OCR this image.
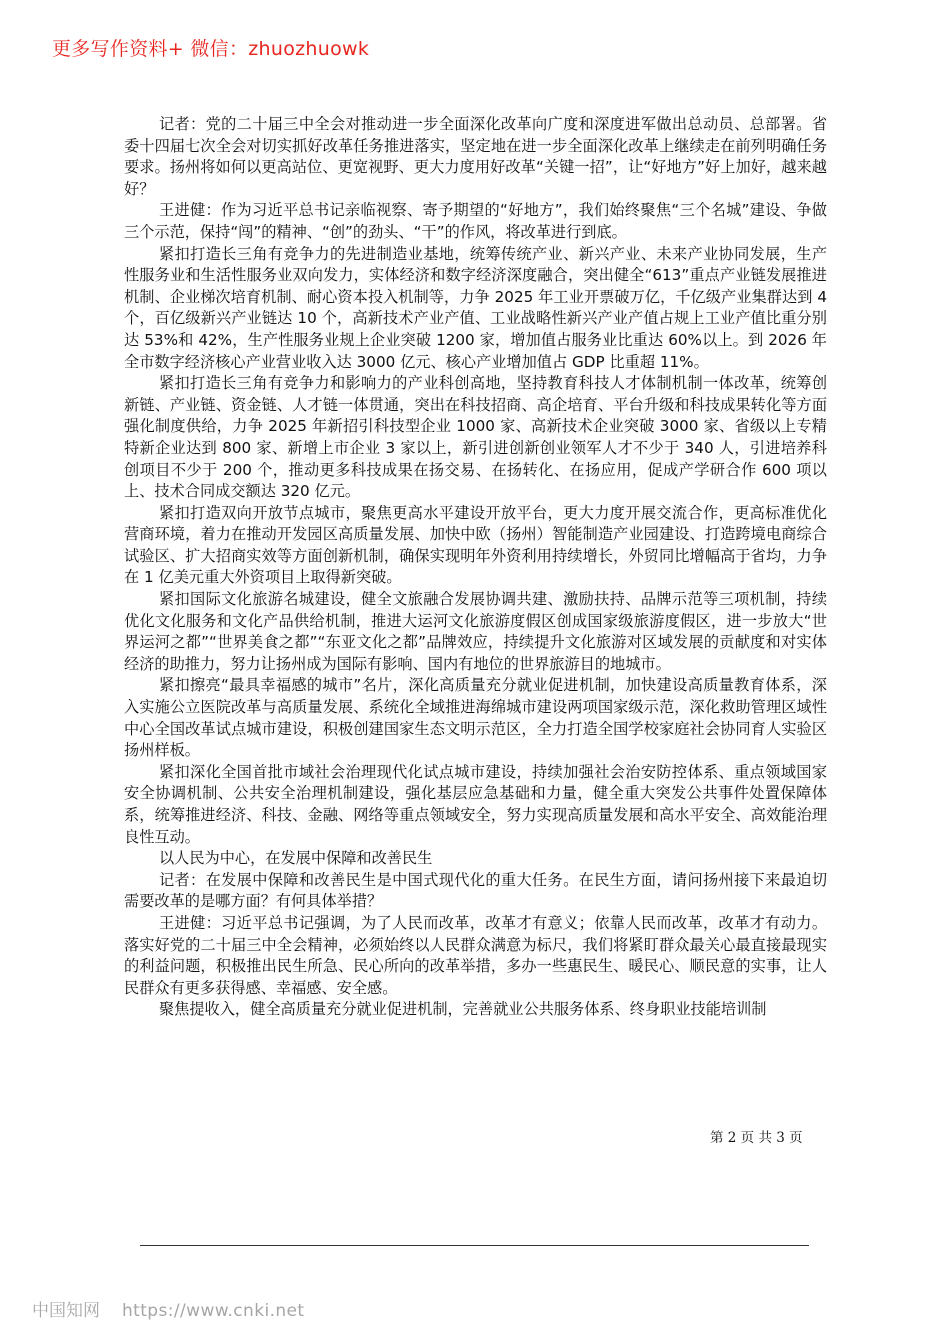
更多写作资料+ 微信：zhuozhuowk

记者：党的二十届三中全会对推动进一步全面深化改革向广度和深度进军做出总动员、总部署。省委十四届七次全会对切实抓好改革任务推进落实，坚定地在进一步全面深化改革上继续走在前列明确任务要求。扬州将如何以更高站位、更宽视野、更大力度用好改革“关键一招”，让“好地方”好上加好，越来越好？

王进健：作为习近平总书记亲临视察、寄予期望的“好地方”，我们始终聚焦“三个名城”建设、争做三个示范，保持“闯”的精神、“创”的劲头、“干”的作风，将改革进行到底。

紧扣打造长三角有竞争力的先进制造业基地，统筹传统产业、新兴产业、未来产业协同发展，生产性服务业和生活性服务业双向发力，实体经济和数字经济深度融合，突出健全“613”重点产业链发展推进机制、企业梯次培育机制、耐心资本投入机制等，力争 2025 年工业开票破万亿，千亿级产业集群达到 4 个，百亿级新兴产业链达 10 个，高新技术产业产值、工业战略性新兴产业产值占规上工业产值比重分别达 53%和 42%，生产性服务业规上企业突破 1200 家，增加值占服务业比重达 60%以上。到 2026 年全市数字经济核心产业营业收入达 3000 亿元、核心产业增加值占 GDP 比重超 11%。

紧扣打造长三角有竞争力和影响力的产业科创高地，坚持教育科技人才体制机制一体改革，统筹创新链、产业链、资金链、人才链一体贯通，突出在科技招商、高企培育、平台升级和科技成果转化等方面强化制度供给，力争 2025 年新招引科技型企业 1000 家、高新技术企业突破 3000 家、省级以上专精特新企业达到 800 家、新增上市企业 3 家以上，新引进创新创业领军人才不少于 340 人，引进培养科创项目不少于 200 个，推动更多科技成果在扬交易、在扬转化、在扬应用，促成产学研合作 600 项以上、技术合同成交额达 320 亿元。

紧扣打造双向开放节点城市，聚焦更高水平建设开放平台，更大力度开展交流合作，更高标准优化营商环境，着力在推动开发园区高质量发展、加快中欧（扬州）智能制造产业园建设、打造跨境电商综合试验区、扩大招商实效等方面创新机制，确保实现明年外资利用持续增长，外贸同比增幅高于省均，力争在 1 亿美元重大外资项目上取得新突破。

紧扣国际文化旅游名城建设，健全文旅融合发展协调共建、激励扶持、品牌示范等三项机制，持续优化文化服务和文化产品供给机制，推进大运河文化旅游度假区创成国家级旅游度假区，进一步放大“世界运河之都”“世界美食之都”“东亚文化之都”品牌效应，持续提升文化旅游对区域发展的贡献度和对实体经济的助推力，努力让扬州成为国际有影响、国内有地位的世界旅游目的地城市。

紧扣擦亮“最具幸福感的城市”名片，深化高质量充分就业促进机制，加快建设高质量教育体系，深入实施公立医院改革与高质量发展、系统化全域推进海绵城市建设两项国家级示范，深化救助管理区域性中心全国改革试点城市建设，积极创建国家生态文明示范区，全力打造全国学校家庭社会协同育人实验区扬州样板。

紧扣深化全国首批市域社会治理现代化试点城市建设，持续加强社会治安防控体系、重点领域国家安全协调机制、公共安全治理机制建设，强化基层应急基础和力量，健全重大突发公共事件处置保障体系，统筹推进经济、科技、金融、网络等重点领域安全，努力实现高质量发展和高水平安全、高效能治理良性互动。

以人民为中心，在发展中保障和改善民生

记者：在发展中保障和改善民生是中国式现代化的重大任务。在民生方面，请问扬州接下来最迫切需要改革的是哪方面？有何具体举措？

王进健：习近平总书记强调，为了人民而改革，改革才有意义；依靠人民而改革，改革才有动力。落实好党的二十届三中全会精神，必须始终以人民群众满意为标尺，我们将紧盯群众最关心最直接最现实的利益问题，积极推出民生所急、民心所向的改革举措，多办一些惠民生、暖民心、顺民意的实事，让人民群众有更多获得感、幸福感、安全感。

聚焦提收入，健全高质量充分就业促进机制，完善就业公共服务体系、终身职业技能培训制

第 2 页 共 3 页
中国知网 https://www.cnki.net
